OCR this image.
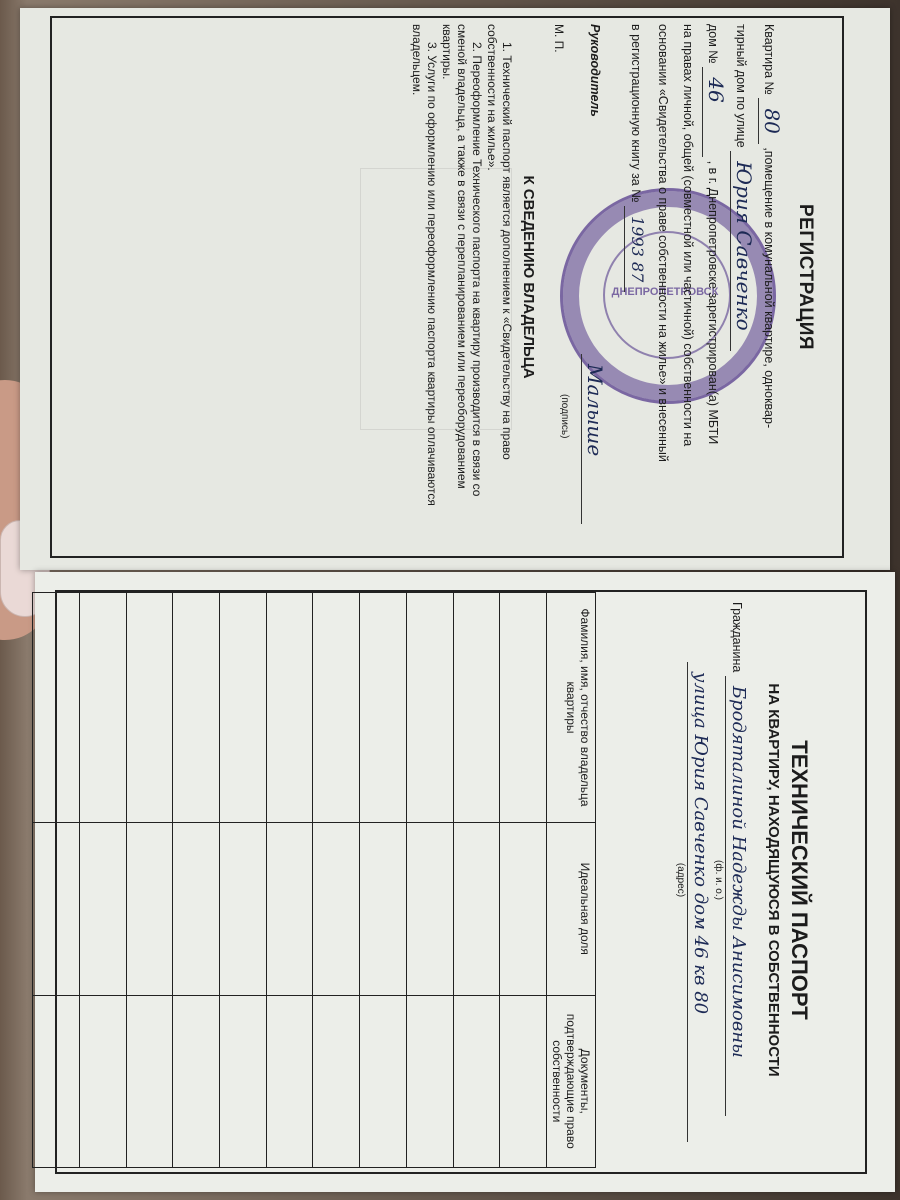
ДНЕПРОПЕТРОВСК	РЕГИСТРАЦИЯ
Квартира № 80 ,помещение в комунальной квартире, одноквар-
тирный дом по улице Юрия Савченко
дом № 46 , в г. Днепропетровске зарегистрирован(а) МБТИ
на правах личной, общей (совместной или частичной) собственности на
основании «Свидетельства о праве собственности на жилье» и внесенный
в регистрационную книгу за № 1993 87
Руководитель
Малыше
(подпись)
М. П.
К СВЕДЕНИЮ ВЛАДЕЛЬЦА

1. Технический паспорт является дополнением к «Свидетельству на право собственности на жилье».

2. Переоформление Технического паспорта на квартиру производится в связи со сменой владельца, а также в связи с перепланированием или переоборудованием квартиры.

3. Услуги по оформлению или переоформлению паспорта квартиры оплачиваются владельцем.

ТЕХНИЧЕСКИЙ ПАСПОРТ
НА КВАРТИРУ, НАХОДЯЩУЮСЯ В СОБСТВЕННОСТИ
Гражданина Бродяталиной Надежды Анисимовны
(ф. и. о.)
улица Юрия Савченко дом 46 кв 80
(адрес)
Фамилия, имя, отчество владельца квартиры	Идеальная доля	Документы, подтверждающие право собственности
